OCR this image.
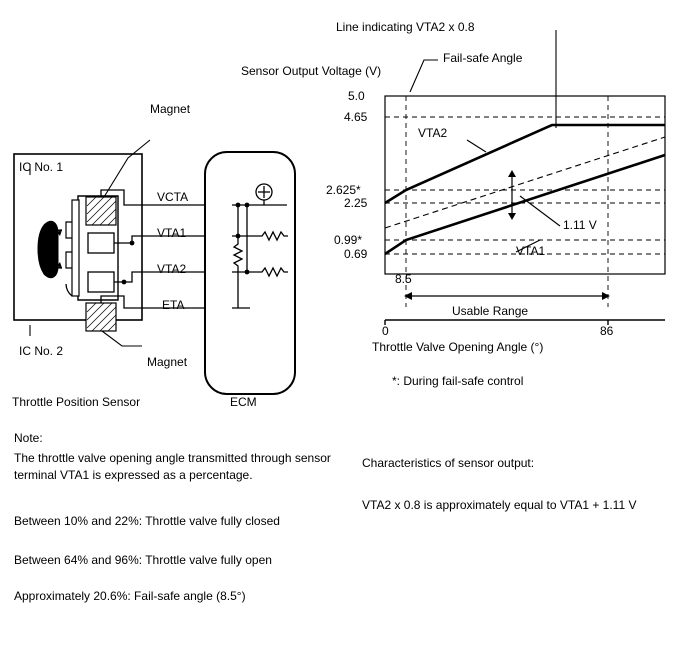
Magnet
IC No. 1
IC No. 2
Magnet
VCTA
VTA1
VTA2
ETA
Throttle Position Sensor	ECM
Line indicating VTA2 x 0.8
Fail-safe Angle
Sensor Output Voltage (V)
5.0
4.65
2.625*
2.25
0.99*
0.69
VTA2
VTA1
1.11 V
8.5
0	86
Usable Range
Throttle Valve Opening Angle (°)
*: During fail-safe control
Note:
The throttle valve opening angle transmitted through sensor terminal VTA1 is expressed as a percentage.
Between 10% and 22%: Throttle valve fully closed
Between 64% and 96%: Throttle valve fully open
Approximately 20.6%: Fail-safe angle (8.5°)
Characteristics of sensor output:
VTA2 x 0.8 is approximately equal to VTA1 + 1.11 V
